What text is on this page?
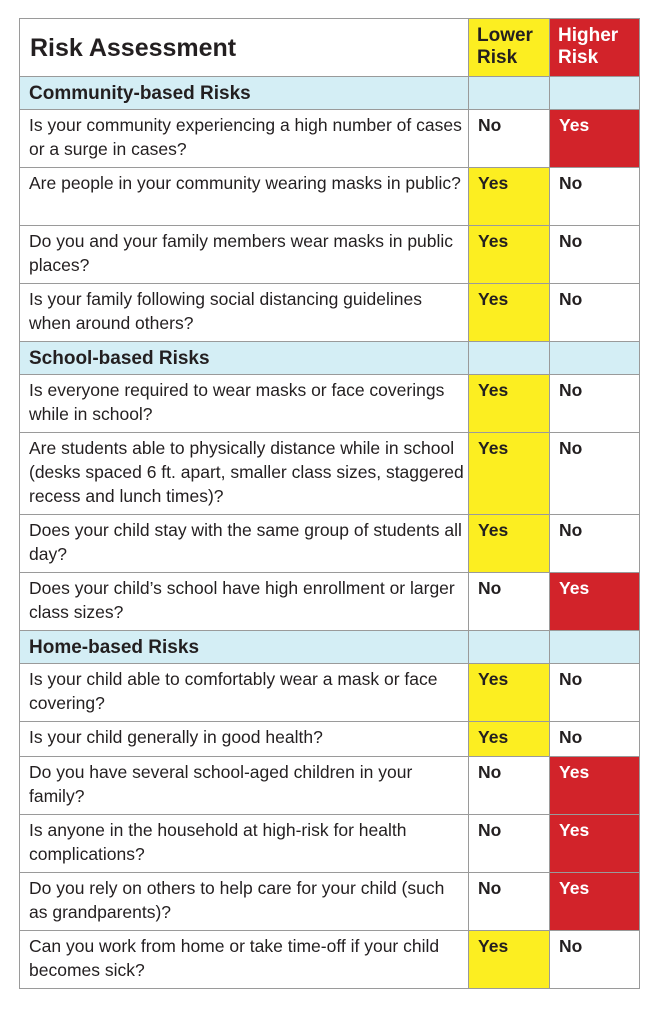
Risk Assessment	Lower Risk	Higher Risk
Community-based Risks		
Is your community experiencing a high number of cases or a surge in cases?	No	Yes
Are people in your community wearing masks in public?	Yes	No
Do you and your family members wear masks in public places?	Yes	No
Is your family following social distancing guidelines when around others?	Yes	No
School-based Risks		
Is everyone required to wear masks or face coverings while in school?	Yes	No
Are students able to physically distance while in school (desks spaced 6 ft. apart, smaller class sizes, staggered recess and lunch times)?	Yes	No
Does your child stay with the same group of students all day?	Yes	No
Does your child’s school have high enrollment or larger class sizes?	No	Yes
Home-based Risks		
Is your child able to comfortably wear a mask or face covering?	Yes	No
Is your child generally in good health?	Yes	No
Do you have several school-aged children in your family?	No	Yes
Is anyone in the household at high-risk for health complications?	No	Yes
Do you rely on others to help care for your child (such as grandparents)?	No	Yes
Can you work from home or take time-off if your child becomes sick?	Yes	No
